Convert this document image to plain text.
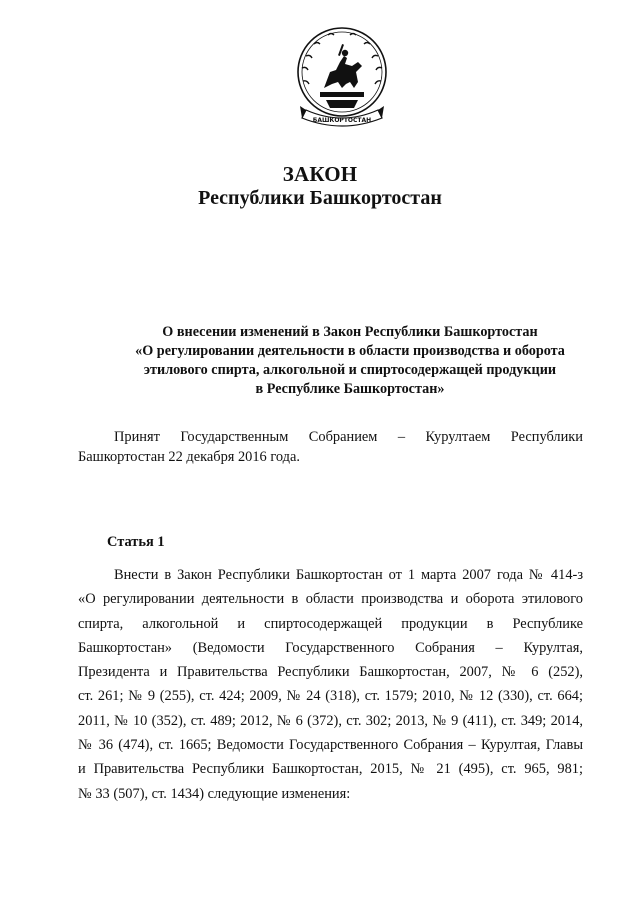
БАШКОРТОСТАН
ЗАКОН
Республики Башкортостан
О внесении изменений в Закон Республики Башкортостан
«О регулировании деятельности в области производства и оборота
этилового спирта, алкогольной и спиртосодержащей продукции
в Республике Башкортостан»
Принят Государственным Собранием – Курултаем Республики
Башкортостан 22 декабря 2016 года.
Статья 1
Внести в Закон Республики Башкортостан от 1 марта 2007 года № 414-з
«О регулировании деятельности в области производства и оборота этилового
спирта, алкогольной и спиртосодержащей продукции в Республике
Башкортостан» (Ведомости Государственного Собрания – Курултая,
Президента и Правительства Республики Башкортостан, 2007, № 6 (252),
ст. 261; № 9 (255), ст. 424; 2009, № 24 (318), ст. 1579; 2010, № 12 (330), ст. 664;
2011, № 10 (352), ст. 489; 2012, № 6 (372), ст. 302; 2013, № 9 (411), ст. 349; 2014,
№ 36 (474), ст. 1665; Ведомости Государственного Собрания – Курултая, Главы
и Правительства Республики Башкортостан, 2015, № 21 (495), ст. 965, 981;
№ 33 (507), ст. 1434) следующие изменения:
